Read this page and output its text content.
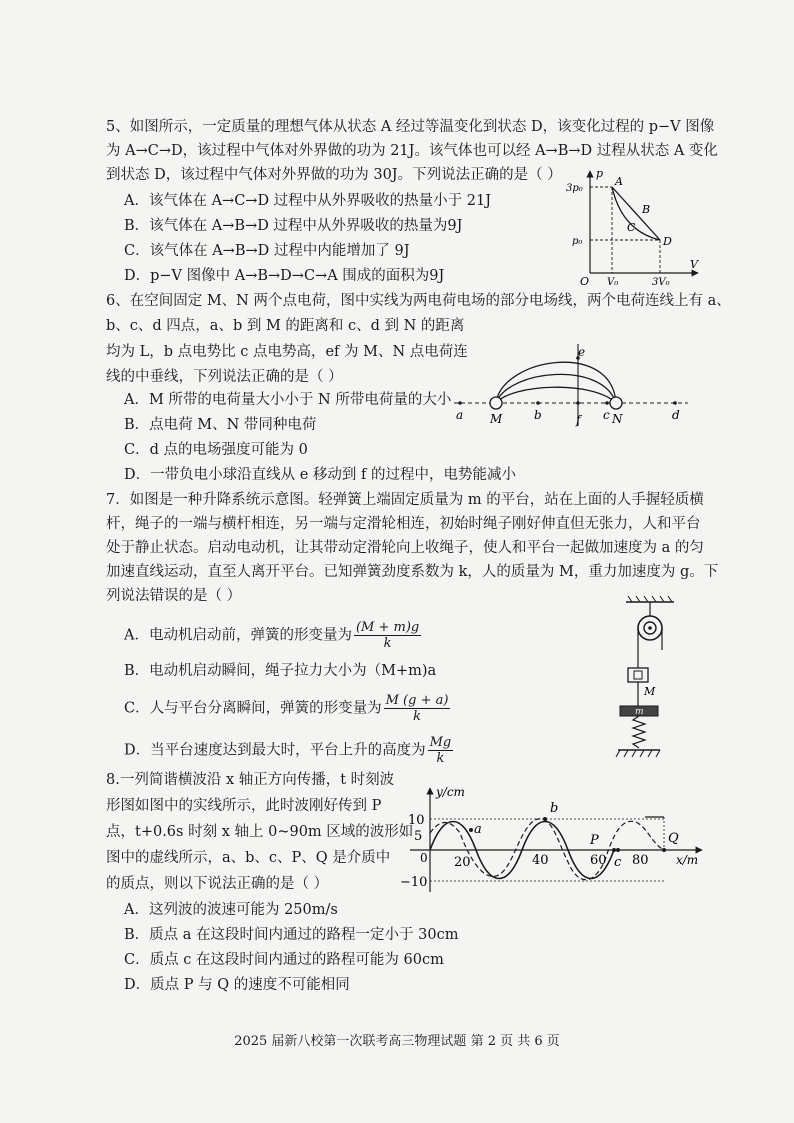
5、如图所示，一定质量的理想气体从状态 A 经过等温变化到状态 D，该变化过程的 p−V 图像
为 A→C→D，该过程中气体对外界做的功为 21J。该气体也可以经 A→B→D 过程从状态 A 变化
到状态 D，该过程中气体对外界做的功为 30J。下列说法正确的是（ ）
A．该气体在 A→C→D 过程中从外界吸收的热量小于 21J
B．该气体在 A→B→D 过程中从外界吸收的热量为9J
C．该气体在 A→B→D 过程中内能增加了 9J
D．p−V 图像中 A→B→D→C→A 围成的面积为9J
p
V
O
3p₀
p₀
V₀	3V₀
A
B
C
D
6、在空间固定 M、N 两个点电荷，图中实线为两电荷电场的部分电场线，两个电荷连线上有 a、
b、c、d 四点，a、b 到 M 的距离和 c、d 到 N 的距离
均为 L，b 点电势比 c 点电势高，ef 为 M、N 点电荷连
线的中垂线，下列说法正确的是（ ）
A．M 所带的电荷量大小小于 N 所带电荷量的大小
B．点电荷 M、N 带同种电荷
C．d 点的电场强度可能为 0
D．一带负电小球沿直线从 e 移动到 f 的过程中，电势能减小
a M	b	f c N	d
e
7．如图是一种升降系统示意图。轻弹簧上端固定质量为 m 的平台，站在上面的人手握轻质横
杆，绳子的一端与横杆相连，另一端与定滑轮相连，初始时绳子刚好伸直但无张力，人和平台
处于静止状态。启动电动机，让其带动定滑轮向上收绳子，使人和平台一起做加速度为 a 的匀
加速直线运动，直至人离开平台。已知弹簧劲度系数为 k，人的质量为 M，重力加速度为 g。下
列说法错误的是（ ）
A．电动机启动前，弹簧的形变量为 $\frac{(M + m)g}{k}$
B．电动机启动瞬间，绳子拉力大小为（M+m)a
C．人与平台分离瞬间，弹簧的形变量为 $\frac{M (g + a)}{k}$
D．当平台速度达到最大时，平台上升的高度为 $\frac{Mg}{k}$
M
m
8.一列简谐横波沿 x 轴正方向传播，t 时刻波
形图如图中的实线所示，此时波刚好传到 P
点，t+0.6s 时刻 x 轴上 0~90m 区域的波形如
图中的虚线所示，a、b、c、P、Q 是介质中
的质点，则以下说法正确的是（ ）
A．这列波的波速可能为 250m/s
B．质点 a 在这段时间内通过的路程一定小于 30cm
C．质点 c 在这段时间内通过的路程可能为 60cm
D．质点 P 与 Q 的速度不可能相同
y/cm
x/m
0
10
5
−10
20	40	60 80
a
b
P
c
Q
2025 届新八校第一次联考高三物理试题 第 2 页 共 6 页
